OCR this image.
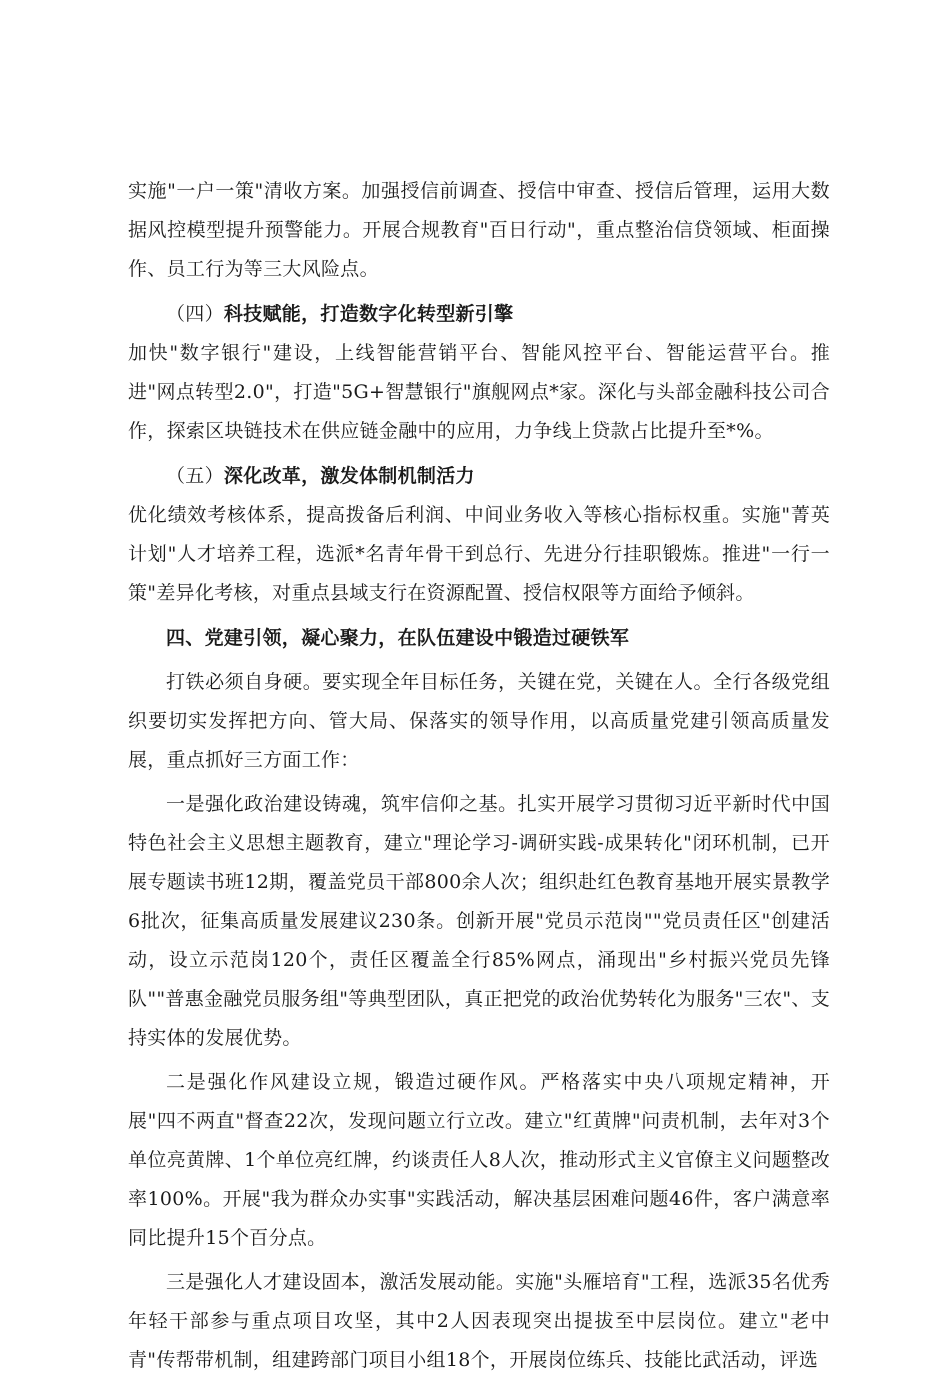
实施"一户一策"清收方案。加强授信前调查、授信中审查、授信后管理，运用大数据风控模型提升预警能力。开展合规教育"百日行动"，重点整治信贷领域、柜面操作、员工行为等三大风险点。

（四）科技赋能，打造数字化转型新引擎

加快"数字银行"建设，上线智能营销平台、智能风控平台、智能运营平台。推进"网点转型2.0"，打造"5G+智慧银行"旗舰网点*家。深化与头部金融科技公司合作，探索区块链技术在供应链金融中的应用，力争线上贷款占比提升至*%。

（五）深化改革，激发体制机制活力

优化绩效考核体系，提高拨备后利润、中间业务收入等核心指标权重。实施"菁英计划"人才培养工程，选派*名青年骨干到总行、先进分行挂职锻炼。推进"一行一策"差异化考核，对重点县域支行在资源配置、授信权限等方面给予倾斜。

四、党建引领，凝心聚力，在队伍建设中锻造过硬铁军

打铁必须自身硬。要实现全年目标任务，关键在党，关键在人。全行各级党组织要切实发挥把方向、管大局、保落实的领导作用，以高质量党建引领高质量发展，重点抓好三方面工作：

一是强化政治建设铸魂，筑牢信仰之基。扎实开展学习贯彻习近平新时代中国特色社会主义思想主题教育，建立"理论学习-调研实践-成果转化"闭环机制，已开展专题读书班12期，覆盖党员干部800余人次；组织赴红色教育基地开展实景教学6批次，征集高质量发展建议230条。创新开展"党员示范岗""党员责任区"创建活动，设立示范岗120个，责任区覆盖全行85%网点，涌现出"乡村振兴党员先锋队""普惠金融党员服务组"等典型团队，真正把党的政治优势转化为服务"三农"、支持实体的发展优势。

二是强化作风建设立规，锻造过硬作风。严格落实中央八项规定精神，开展"四不两直"督查22次，发现问题立行立改。建立"红黄牌"问责机制，去年对3个单位亮黄牌、1个单位亮红牌，约谈责任人8人次，推动形式主义官僚主义问题整改率100%。开展"我为群众办实事"实践活动，解决基层困难问题46件，客户满意率同比提升15个百分点。

三是强化人才建设固本，激活发展动能。实施"头雁培育"工程，选派35名优秀年轻干部参与重点项目攻坚，其中2人因表现突出提拔至中层岗位。建立"老中青"传帮带机制，组建跨部门项目小组18个，开展岗位练兵、技能比武活动，评选
